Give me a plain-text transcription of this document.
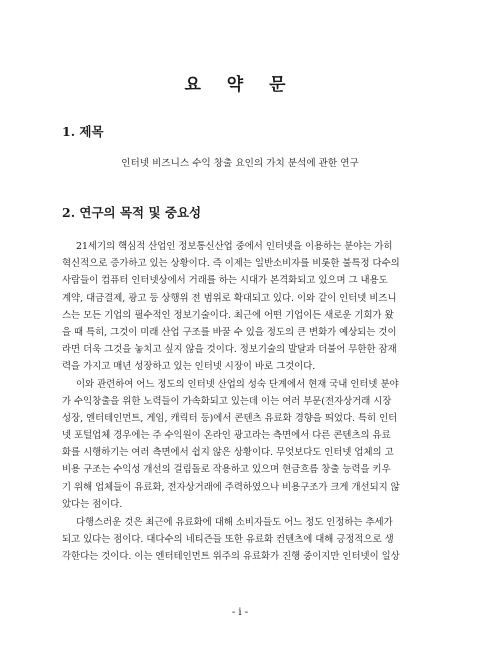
요 약 문
1. 제목
인터넷 비즈니스 수익 창출 요인의 가치 분석에 관한 연구
2. 연구의 목적 및 중요성
21세기의 핵심적 산업인 정보통신산업 중에서 인터넷을 이용하는 분야는 가히
혁신적으로 증가하고 있는 상황이다. 즉 이제는 일반소비자를 비롯한 불특정 다수의
사람들이 컴퓨터 인터넷상에서 거래를 하는 시대가 본격화되고 있으며 그 내용도
계약, 대금결제, 광고 등 상행위 전 범위로 확대되고 있다. 이와 같이 인터넷 비즈니
스는 모든 기업의 필수적인 정보기술이다. 최근에 어떤 기업이든 새로운 기회가 왔
을 때 특히, 그것이 미래 산업 구조를 바꿀 수 있을 정도의 큰 변화가 예상되는 것이
라면 더욱 그것을 놓치고 싶지 않을 것이다. 정보기술의 발달과 더불어 무한한 잠재
력을 가지고 매년 성장하고 있는 인터넷 시장이 바로 그것이다.
이와 관련하여 어느 정도의 인터넷 산업의 성숙 단계에서 현재 국내 인터넷 분야
가 수익창출을 위한 노력들이 가속화되고 있는데 이는 여러 부문(전자상거래 시장
성장, 엔터테인먼트, 게임, 캐릭터 등)에서 콘텐츠 유료화 경향을 띄었다. 특히 인터
넷 포털업체 경우에는 주 수익원이 온라인 광고라는 측면에서 다른 콘텐츠의 유료
화를 시행하기는 여러 측면에서 쉽지 않은 상황이다. 무엇보다도 인터넷 업체의 고
비용 구조는 수익성 개선의 걸림돌로 작용하고 있으며 현금흐름 창출 능력을 키우
기 위해 업체들이 유료화, 전자상거래에 주력하였으나 비용구조가 크게 개선되지 않
았다는 점이다.
다행스러운 것은 최근에 유료화에 대해 소비자들도 어느 정도 인정하는 추세가
되고 있다는 점이다. 대다수의 네티즌들 또한 유료화 컨텐츠에 대해 긍정적으로 생
각한다는 것이다. 이는 엔터테인먼트 위주의 유료화가 진행 중이지만 인터넷이 일상
- i -
